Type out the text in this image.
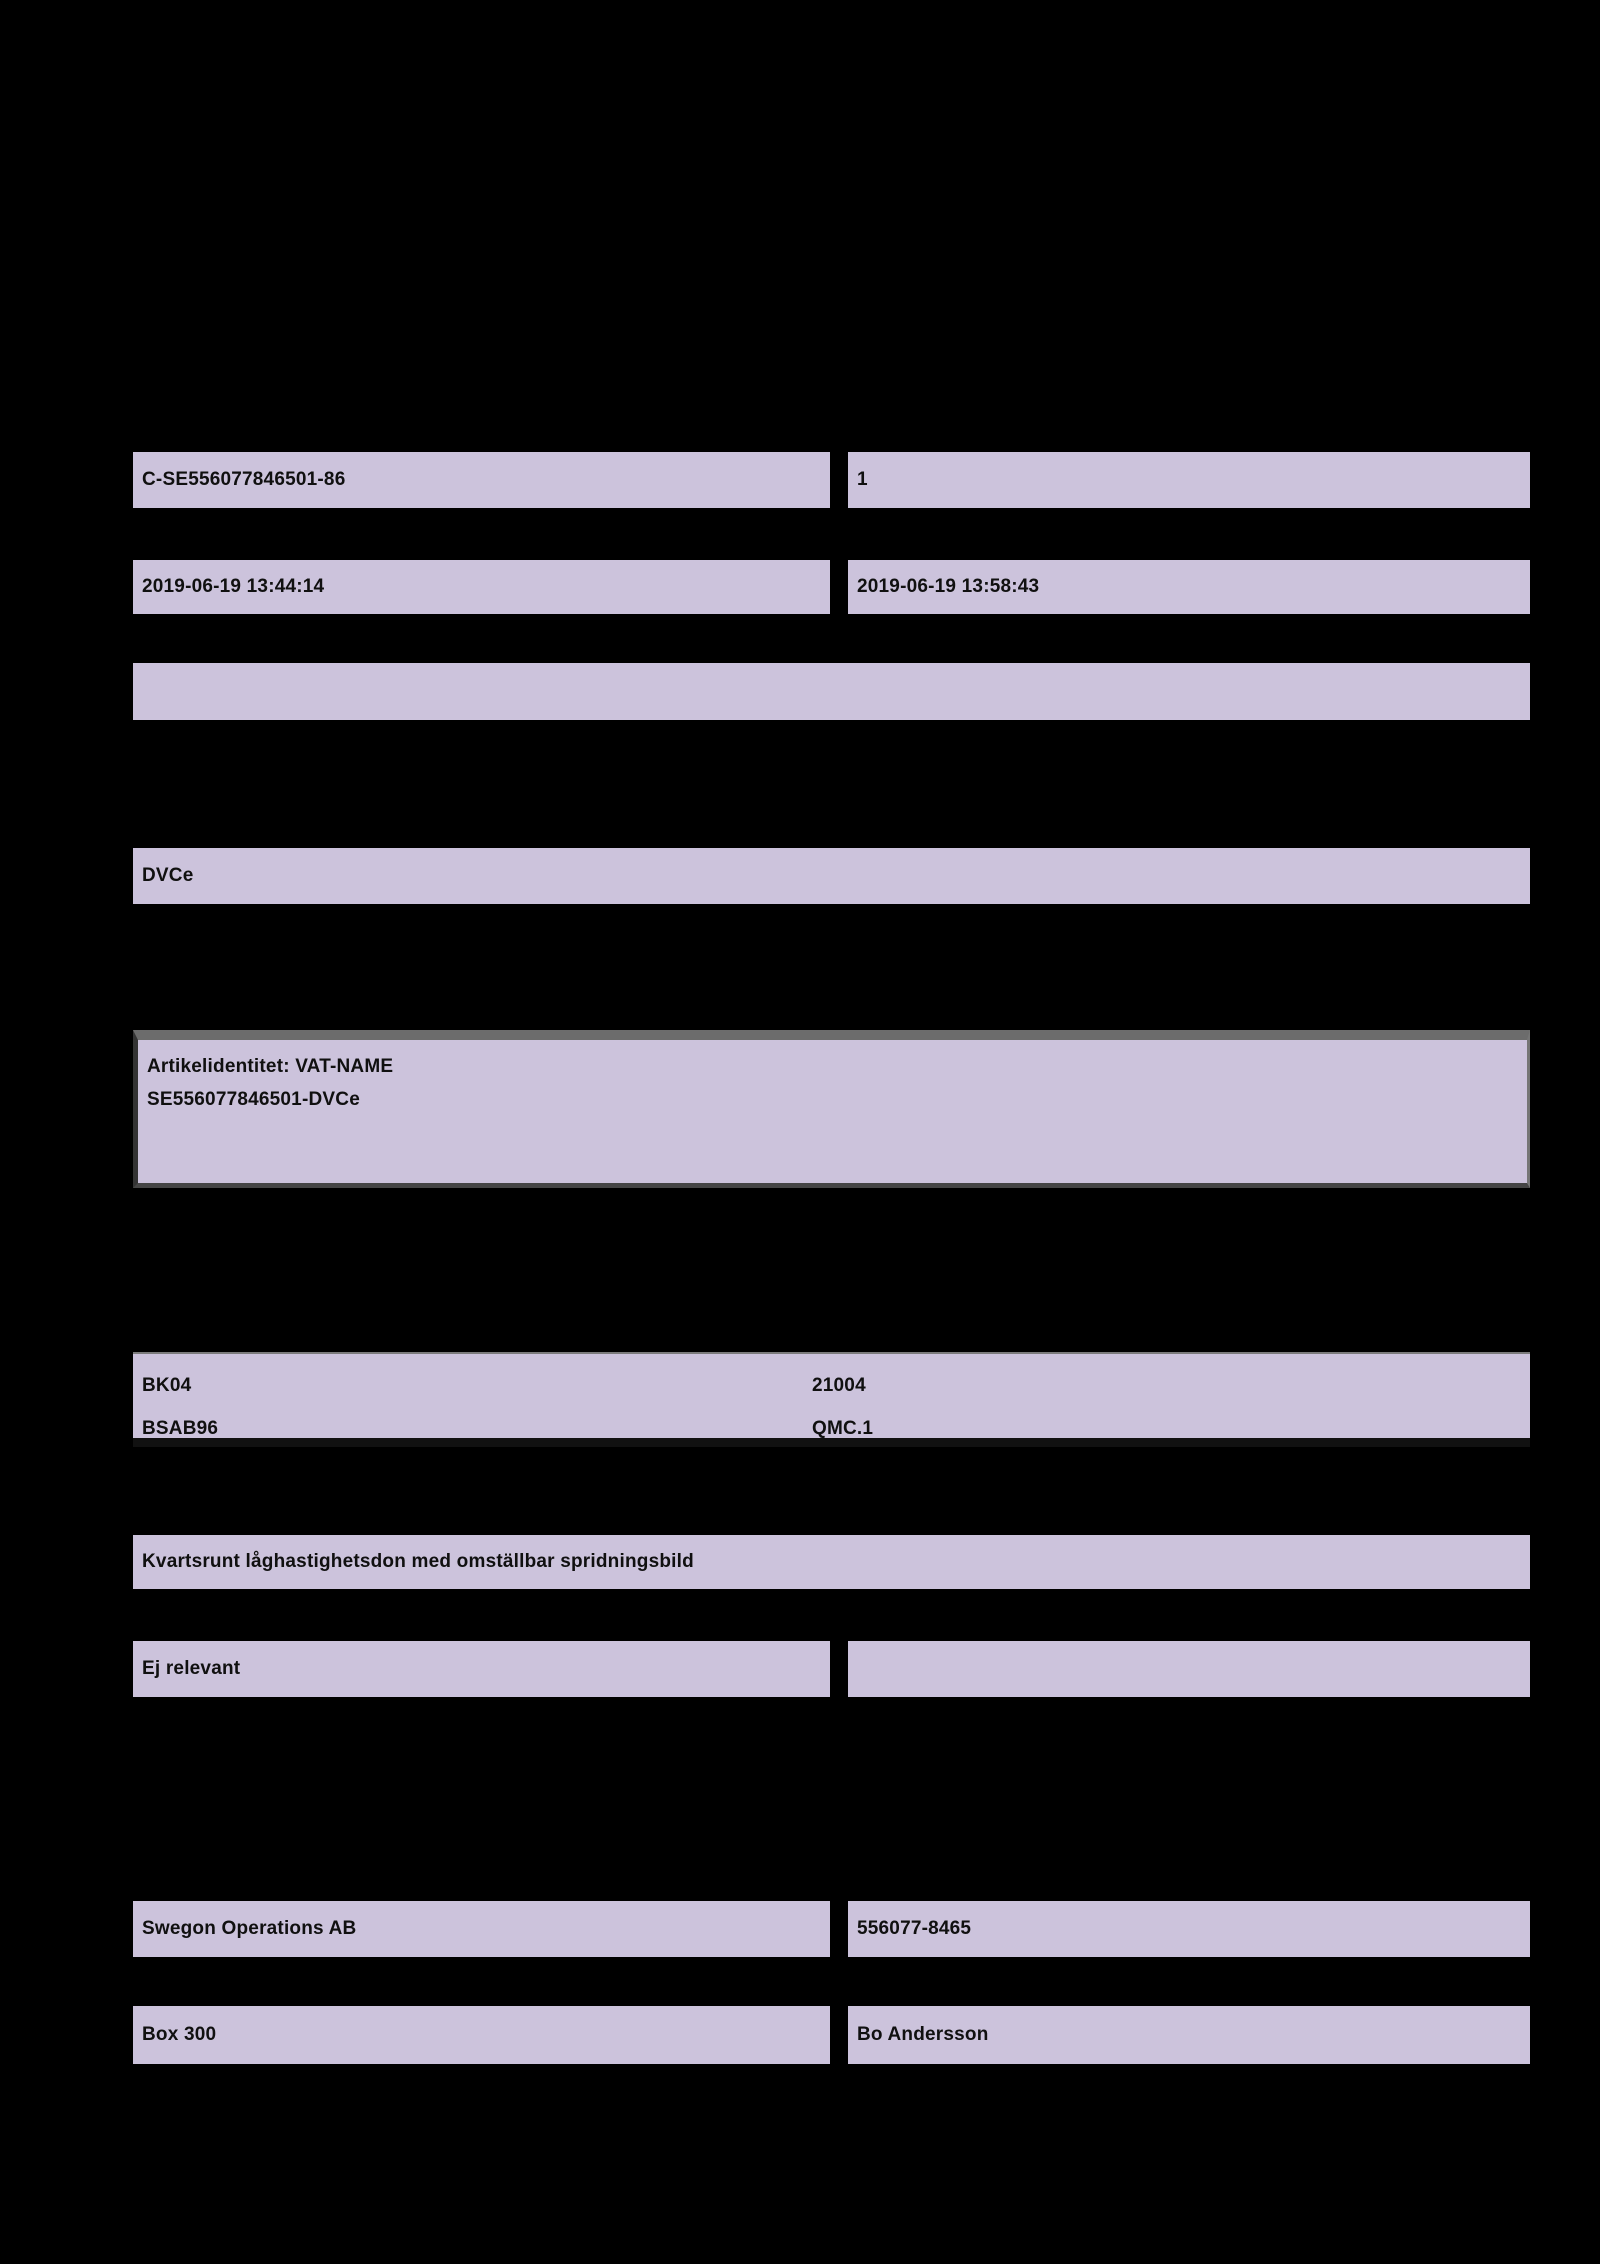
C-SE556077846501-86	1
2019-06-19 13:44:14	2019-06-19 13:58:43
DVCe
Artikelidentitet: VAT-NAME
SE556077846501-DVCe
BK04	21004
BSAB96	QMC.1
Kvartsrunt låghastighetsdon med omställbar spridningsbild
Ej relevant
Swegon Operations AB	556077-8465
Box 300	Bo Andersson
